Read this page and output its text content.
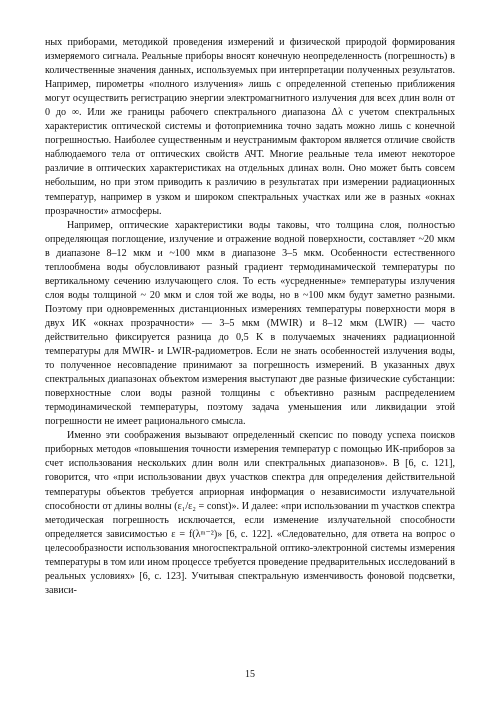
ных приборами, методикой проведения измерений и физической природой формирования измеряемого сигнала. Реальные приборы вносят конечную неопределенность (погрешность) в количественные значения данных, используемых при интерпретации полученных результатов. Например, пирометры «полного излучения» лишь с определенной степенью приближения могут осуществить регистрацию энергии электромагнитного излучения для всех длин волн от 0 до ∞. Или же границы рабочего спектрального диапазона Δλ с учетом спектральных характеристик оптической системы и фотоприемника точно задать можно лишь с конечной погрешностью. Наиболее существенным и неустранимым фактором является отличие свойств наблюдаемого тела от оптических свойств АЧТ. Многие реальные тела имеют некоторое различие в оптических характеристиках на отдельных длинах волн. Оно может быть совсем небольшим, но при этом приводить к различию в результатах при измерении радиационных температур, например в узком и широком спектральных участках или же в разных «окнах прозрачности» атмосферы.

Например, оптические характеристики воды таковы, что толщина слоя, полностью определяющая поглощение, излучение и отражение водной поверхности, составляет ~20 мкм в диапазоне 8–12 мкм и ~100 мкм в диапазоне 3–5 мкм. Особенности естественного теплообмена воды обусловливают разный градиент термодинамической температуры по вертикальному сечению излучающего слоя. То есть «усредненные» температуры излучения слоя воды толщиной ~ 20 мкм и слоя той же воды, но в ~100 мкм будут заметно разными. Поэтому при одновременных дистанционных измерениях температуры поверхности моря в двух ИК «окнах прозрачности» — 3–5 мкм (MWIR) и 8–12 мкм (LWIR) — часто действительно фиксируется разница до 0,5 K в получаемых значениях радиационной температуры для MWIR- и LWIR-радиометров. Если не знать особенностей излучения воды, то полученное несовпадение принимают за погрешность измерений. В указанных двух спектральных диапазонах объектом измерения выступают две разные физические субстанции: поверхностные слои воды разной толщины с объективно разным распределением термодинамической температуры, поэтому задача уменьшения или ликвидации этой погрешности не имеет рационального смысла.

Именно эти соображения вызывают определенный скепсис по поводу успеха поисков приборных методов «повышения точности измерения температур с помощью ИК-приборов за счет использования нескольких длин волн или спектральных диапазонов». В [6, с. 121], говорится, что «при использовании двух участков спектра для определения действительной температуры объектов требуется априорная информация о независимости излучательной способности от длины волны (ε₁/ε₂ = const)». И далее: «при использовании m участков спектра методическая погрешность исключается, если изменение излучательной способности определяется зависимостью ε = f(λᵐ⁻²)» [6, с. 122]. «Следовательно, для ответа на вопрос о целесообразности использования многоспектральной оптико-электронной системы измерения температуры в том или ином процессе требуется проведение предварительных исследований в реальных условиях» [6, с. 123]. Учитывая спектральную изменчивость фоновой подсветки, зависи-

15
